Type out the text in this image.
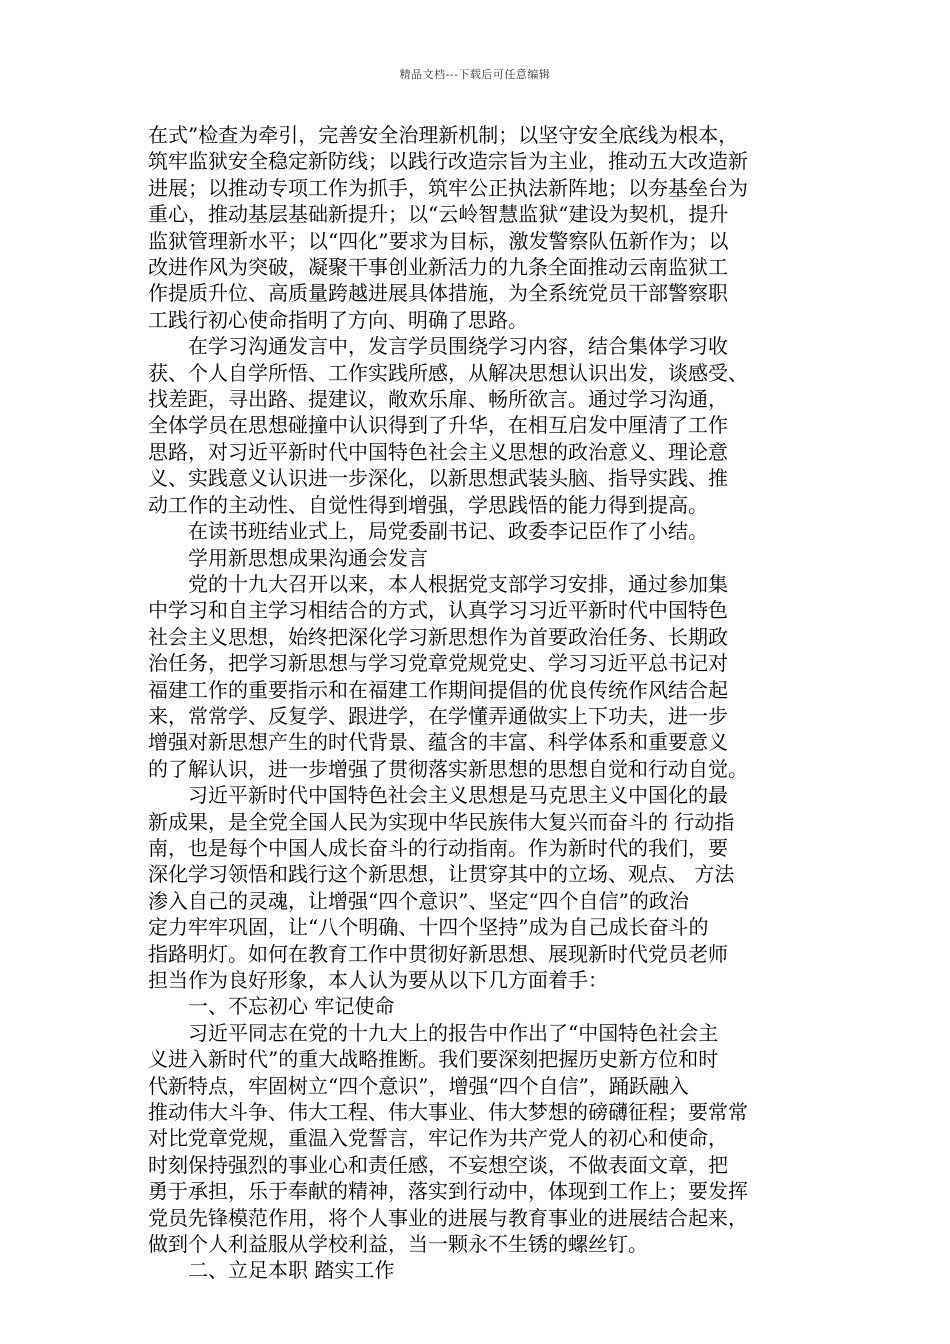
精品文档---下载后可任意编辑
在式”检查为牵引，完善安全治理新机制；以坚守安全底线为根本，
筑牢监狱安全稳定新防线；以践行改造宗旨为主业，推动五大改造新
进展；以推动专项工作为抓手，筑牢公正执法新阵地；以夯基垒台为
重心，推动基层基础新提升；以“云岭智慧监狱“建设为契机，提升
监狱管理新水平；以“四化”要求为目标，激发警察队伍新作为；以
改进作风为突破，凝聚干事创业新活力的九条全面推动云南监狱工
作提质升位、高质量跨越进展具体措施，为全系统党员干部警察职
工践行初心使命指明了方向、明确了思路。
在学习沟通发言中，发言学员围绕学习内容，结合集体学习收
获、个人自学所悟、工作实践所感，从解决思想认识出发，谈感受、
找差距，寻出路、提建议，敞欢乐扉、畅所欲言。通过学习沟通，
全体学员在思想碰撞中认识得到了升华，在相互启发中厘清了工作
思路，对习近平新时代中国特色社会主义思想的政治意义、理论意
义、实践意义认识进一步深化，以新思想武装头脑、指导实践、推
动工作的主动性、自觉性得到增强，学思践悟的能力得到提高。
在读书班结业式上，局党委副书记、政委李记臣作了小结。
学用新思想成果沟通会发言
党的十九大召开以来，本人根据党支部学习安排，通过参加集
中学习和自主学习相结合的方式，认真学习习近平新时代中国特色
社会主义思想，始终把深化学习新思想作为首要政治任务、长期政
治任务，把学习新思想与学习党章党规党史、学习习近平总书记对
福建工作的重要指示和在福建工作期间提倡的优良传统作风结合起
来，常常学、反复学、跟进学，在学懂弄通做实上下功夫，进一步
增强对新思想产生的时代背景、蕴含的丰富、科学体系和重要意义
的了解认识，进一步增强了贯彻落实新思想的思想自觉和行动自觉。
习近平新时代中国特色社会主义思想是马克思主义中国化的最
新成果，是全党全国人民为实现中华民族伟大复兴而奋斗的 行动指
南，也是每个中国人成长奋斗的行动指南。作为新时代的我们，要
深化学习领悟和践行这个新思想，让贯穿其中的立场、观点、 方法
渗入自己的灵魂，让增强“四个意识”、坚定“四个自信”的政治
定力牢牢巩固，让“八个明确、十四个坚持”成为自己成长奋斗的
指路明灯。如何在教育工作中贯彻好新思想、展现新时代党员老师
担当作为良好形象，本人认为要从以下几方面着手：
一、不忘初心 牢记使命
习近平同志在党的十九大上的报告中作出了“中国特色社会主
义进入新时代”的重大战略推断。我们要深刻把握历史新方位和时
代新特点，牢固树立“四个意识”，增强“四个自信”，踊跃融入
推动伟大斗争、伟大工程、伟大事业、伟大梦想的磅礴征程；要常常
对比党章党规，重温入党誓言，牢记作为共产党人的初心和使命，
时刻保持强烈的事业心和责任感，不妄想空谈，不做表面文章，把
勇于承担，乐于奉献的精神，落实到行动中，体现到工作上；要发挥
党员先锋模范作用，将个人事业的进展与教育事业的进展结合起来，
做到个人利益服从学校利益，当一颗永不生锈的螺丝钉。
二、立足本职 踏实工作
